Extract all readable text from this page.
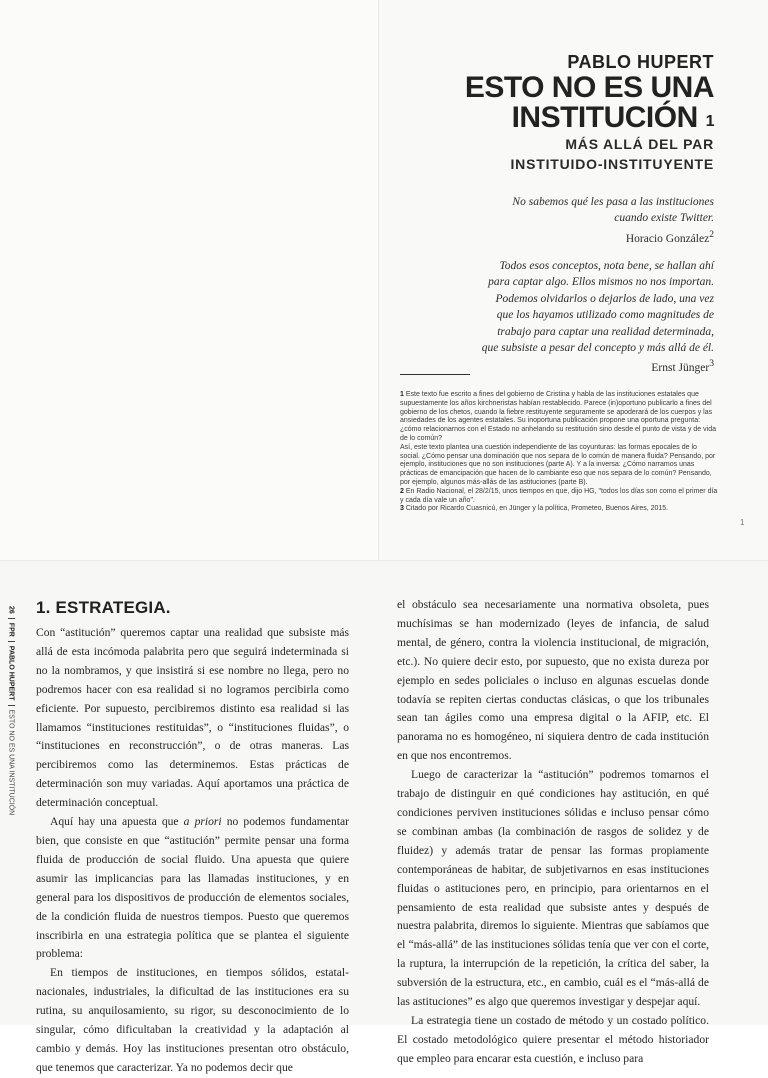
PABLO HUPERT
ESTO NO ES UNA
INSTITUCIÓN $^1$
MÁS ALLÁ DEL PAR
INSTITUIDO-INSTITUYENTE
No sabemos qué les pasa a las instituciones
cuando existe Twitter.
Horacio González$^2$
Todos esos conceptos, nota bene, se hallan ahí
para captar algo. Ellos mismos no nos importan.
Podemos olvidarlos o dejarlos de lado, una vez
que los hayamos utilizado como magnitudes de
trabajo para captar una realidad determinada,
que subsiste a pesar del concepto y más allá de él.
Ernst Jünger$^3$

1 Este texto fue escrito a fines del gobierno de Cristina y habla de las instituciones estatales que supuestamente los años kirchneristas habían restablecido. Parece (in)oportuno publicarlo a fines del gobierno de los chetos, cuando la fiebre restituyente seguramente se apoderará de los cuerpos y las ansiedades de los agentes estatales. Su inoportuna publicación propone una oportuna pregunta: ¿cómo relacionarnos con el Estado no anhelando su restitución sino desde el punto de vista y de vida de lo común?

Así, este texto plantea una cuestión independiente de las coyunturas: las formas epocales de lo social. ¿Cómo pensar una dominación que nos separa de lo común de manera fluida? Pensando, por ejemplo, instituciones que no son instituciones (parte A). Y a la inversa: ¿Cómo narramos unas prácticas de emancipación que hacen de lo cambiante eso que nos separa de lo común? Pensando, por ejemplo, algunos más-allás de las astituciones (parte B).

2 En Radio Nacional, el 28/2/15, unos tiempos en que, dijo HG, "todos los días son como el primer día y cada día vale un año".

3 Citado por Ricardo Cuasnicú, en Jünger y la política, Prometeo, Buenos Aires, 2015.

1
26FPRPABLO HUPERTESTO NO ES UNA INSTITUCIÓN
1. ESTRATEGIA.

Con “astitución” queremos captar una realidad que subsiste más allá de esta incómoda palabrita pero que seguirá indeterminada si no la nombramos, y que insistirá si ese nombre no llega, pero no podremos hacer con esa realidad si no logramos percibirla como eficiente. Por supuesto, percibiremos distinto esa realidad si las llamamos “instituciones restituidas”, o “instituciones fluidas”, o “instituciones en reconstrucción”, o de otras maneras. Las percibiremos como las determinemos. Estas prácticas de determinación son muy variadas. Aquí aportamos una práctica de determinación conceptual.

Aquí hay una apuesta que a priori no podemos fundamentar bien, que consiste en que “astitución” permite pensar una forma fluida de producción de social fluido. Una apuesta que quiere asumir las implicancias para las llamadas instituciones, y en general para los dispositivos de producción de elementos sociales, de la condición fluida de nuestros tiempos. Puesto que queremos inscribirla en una estrategia política que se plantea el siguiente problema:

En tiempos de instituciones, en tiempos sólidos, estatal-nacionales, industriales, la dificultad de las instituciones era su rutina, su anquilosamiento, su rigor, su desconocimiento de lo singular, cómo dificultaban la creatividad y la adaptación al cambio y demás. Hoy las instituciones presentan otro obstáculo, que tenemos que caracterizar. Ya no podemos decir que

el obstáculo sea necesariamente una normativa obsoleta, pues muchísimas se han modernizado (leyes de infancia, de salud mental, de género, contra la violencia institucional, de migración, etc.). No quiere decir esto, por supuesto, que no exista dureza por ejemplo en sedes policiales o incluso en algunas escuelas donde todavía se repiten ciertas conductas clásicas, o que los tribunales sean tan ágiles como una empresa digital o la AFIP, etc. El panorama no es homogéneo, ni siquiera dentro de cada institución en que nos encontremos.

Luego de caracterizar la “astitución” podremos tomarnos el trabajo de distinguir en qué condiciones hay astitución, en qué condiciones perviven instituciones sólidas e incluso pensar cómo se combinan ambas (la combinación de rasgos de solidez y de fluidez) y además tratar de pensar las formas propiamente contemporáneas de habitar, de subjetivarnos en esas instituciones fluidas o astituciones pero, en principio, para orientarnos en el pensamiento de esta realidad que subsiste antes y después de nuestra palabrita, diremos lo siguiente. Mientras que sabíamos que el “más-allá” de las instituciones sólidas tenía que ver con el corte, la ruptura, la interrupción de la repetición, la crítica del saber, la subversión de la estructura, etc., en cambio, cuál es el “más-allá de las astituciones” es algo que queremos investigar y despejar aquí.

La estrategia tiene un costado de método y un costado político. El costado metodológico quiere presentar el método historiador que empleo para encarar esta cuestión, e incluso para
